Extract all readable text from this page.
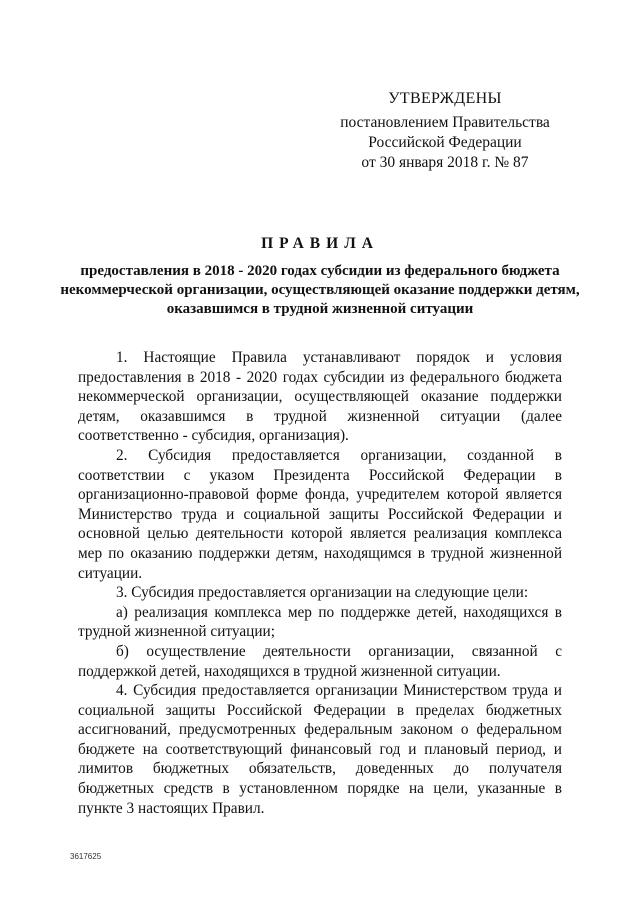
УТВЕРЖДЕНЫ
постановлением Правительства
Российской Федерации
от 30 января 2018 г. № 87
ПРАВИЛА
предоставления в 2018 - 2020 годах субсидии из федерального бюджета некоммерческой организации, осуществляющей оказание поддержки детям, оказавшимся в трудной жизненной ситуации

1. Настоящие Правила устанавливают порядок и условия предоставления в 2018 - 2020 годах субсидии из федерального бюджета некоммерческой организации, осуществляющей оказание поддержки детям, оказавшимся в трудной жизненной ситуации (далее соответственно - субсидия, организация).

2. Субсидия предоставляется организации, созданной в соответствии с указом Президента Российской Федерации в организационно-правовой форме фонда, учредителем которой является Министерство труда и социальной защиты Российской Федерации и основной целью деятельности которой является реализация комплекса мер по оказанию поддержки детям, находящимся в трудной жизненной ситуации.

3. Субсидия предоставляется организации на следующие цели:

а) реализация комплекса мер по поддержке детей, находящихся в трудной жизненной ситуации;

б) осуществление деятельности организации, связанной с поддержкой детей, находящихся в трудной жизненной ситуации.

4. Субсидия предоставляется организации Министерством труда и социальной защиты Российской Федерации в пределах бюджетных ассигнований, предусмотренных федеральным законом о федеральном бюджете на соответствующий финансовый год и плановый период, и лимитов бюджетных обязательств, доведенных до получателя бюджетных средств в установленном порядке на цели, указанные в пункте 3 настоящих Правил.

3617625
